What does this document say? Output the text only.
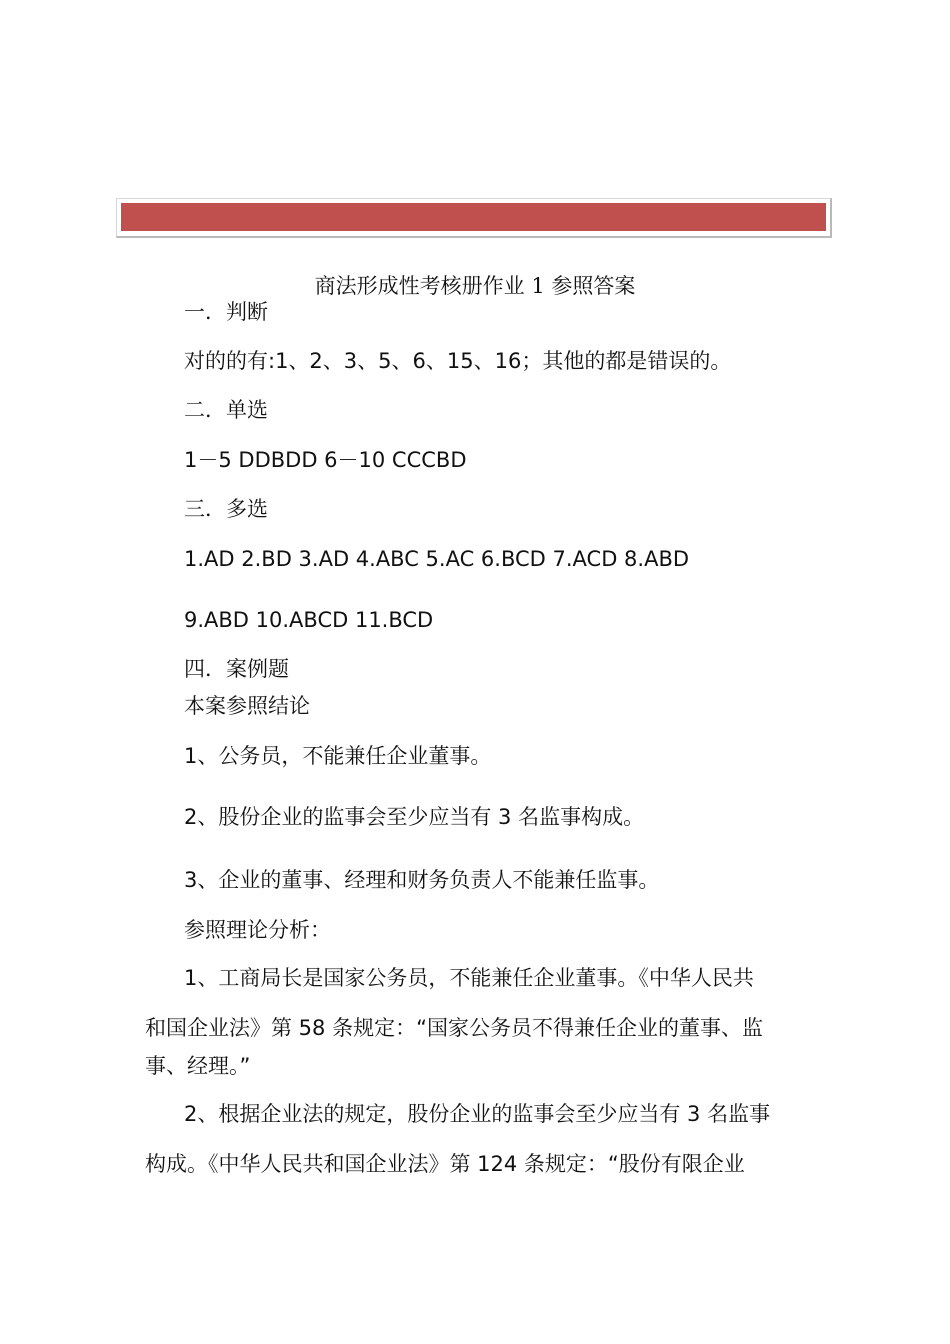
商法形成性考核册作业 1 参照答案
一．判断
对的的有:1、2、3、5、6、15、16；其他的都是错误的。
二．单选
1－5 DDBDD 6－10 CCCBD
三．多选
1.AD 2.BD 3.AD 4.ABC 5.AC 6.BCD 7.ACD 8.ABD
9.ABD 10.ABCD 11.BCD
四．案例题
本案参照结论
1、公务员，不能兼任企业董事。
2、股份企业的监事会至少应当有 3 名监事构成。
3、企业的董事、经理和财务负责人不能兼任监事。
参照理论分析：
1、工商局长是国家公务员，不能兼任企业董事。《中华人民共
和国企业法》第 58 条规定：“国家公务员不得兼任企业的董事、监
事、经理。”
2、根据企业法的规定，股份企业的监事会至少应当有 3 名监事
构成。《中华人民共和国企业法》第 124 条规定：“股份有限企业
